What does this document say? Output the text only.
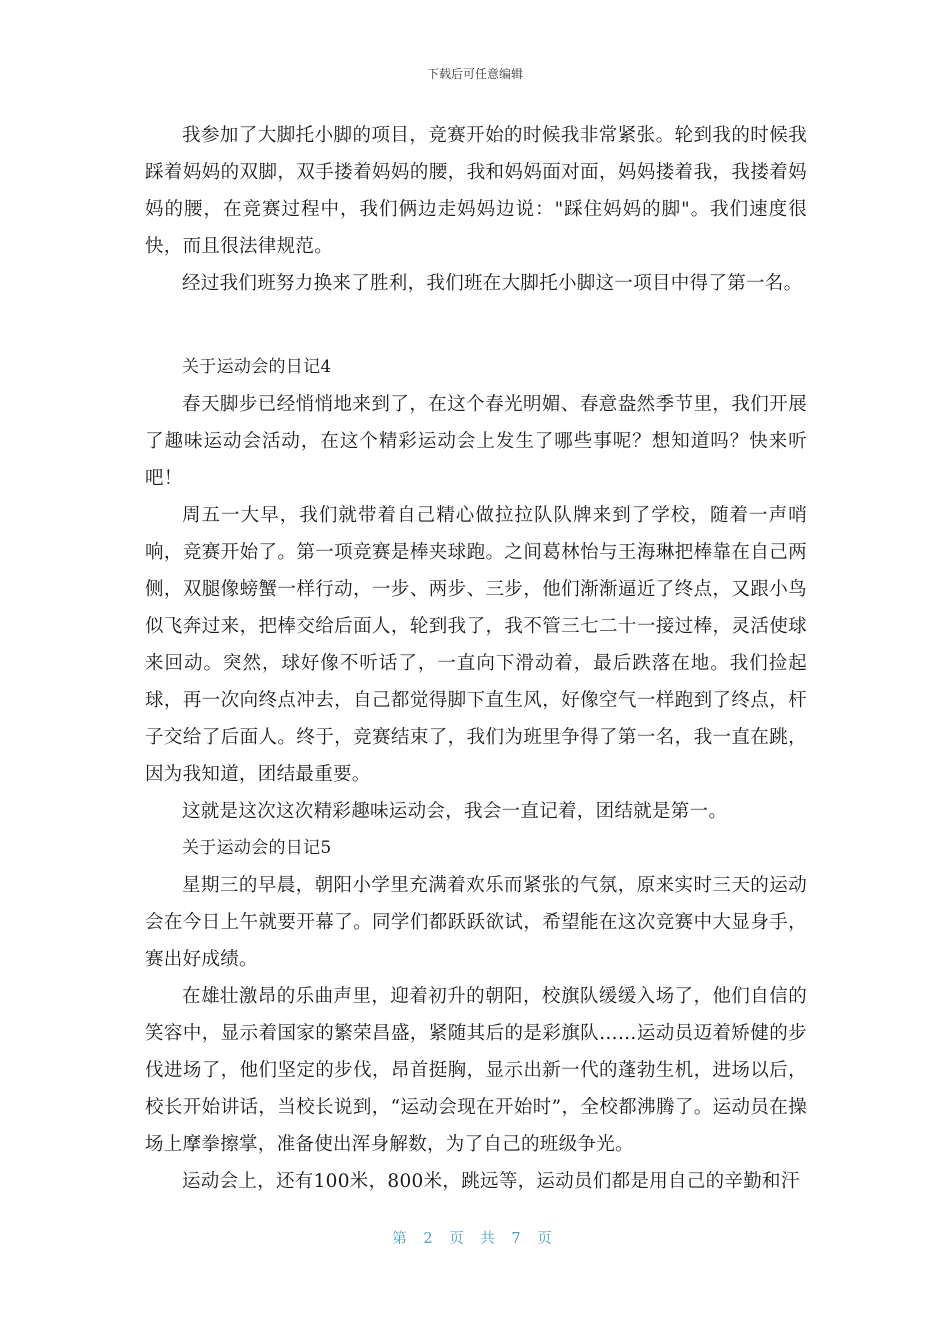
下载后可任意编辑

我参加了大脚托小脚的项目，竞赛开始的时候我非常紧张。轮到我的时候我踩着妈妈的双脚，双手搂着妈妈的腰，我和妈妈面对面，妈妈搂着我，我搂着妈妈的腰，在竞赛过程中，我们俩边走妈妈边说："踩住妈妈的脚"。我们速度很快，而且很法律规范。

经过我们班努力换来了胜利，我们班在大脚托小脚这一项目中得了第一名。

关于运动会的日记4

春天脚步已经悄悄地来到了，在这个春光明媚、春意盎然季节里，我们开展了趣味运动会活动，在这个精彩运动会上发生了哪些事呢？想知道吗？快来听吧！

周五一大早，我们就带着自己精心做拉拉队队牌来到了学校，随着一声哨响，竞赛开始了。第一项竞赛是棒夹球跑。之间葛林怡与王海琳把棒靠在自己两侧，双腿像螃蟹一样行动，一步、两步、三步，他们渐渐逼近了终点，又跟小鸟似飞奔过来，把棒交给后面人，轮到我了，我不管三七二十一接过棒，灵活使球来回动。突然，球好像不听话了，一直向下滑动着，最后跌落在地。我们捡起球，再一次向终点冲去，自己都觉得脚下直生风，好像空气一样跑到了终点，杆子交给了后面人。终于，竞赛结束了，我们为班里争得了第一名，我一直在跳，因为我知道，团结最重要。

这就是这次这次精彩趣味运动会，我会一直记着，团结就是第一。

关于运动会的日记5

星期三的早晨，朝阳小学里充满着欢乐而紧张的气氛，原来实时三天的运动会在今日上午就要开幕了。同学们都跃跃欲试，希望能在这次竞赛中大显身手，赛出好成绩。

在雄壮激昂的乐曲声里，迎着初升的朝阳，校旗队缓缓入场了，他们自信的笑容中，显示着国家的繁荣昌盛，紧随其后的是彩旗队……运动员迈着矫健的步伐进场了，他们坚定的步伐，昂首挺胸，显示出新一代的蓬勃生机，进场以后，校长开始讲话，当校长说到，“运动会现在开始时”，全校都沸腾了。运动员在操场上摩拳擦掌，准备使出浑身解数，为了自己的班级争光。

运动会上，还有100米，800米，跳远等，运动员们都是用自己的辛勤和汗

第 2 页 共 7 页
